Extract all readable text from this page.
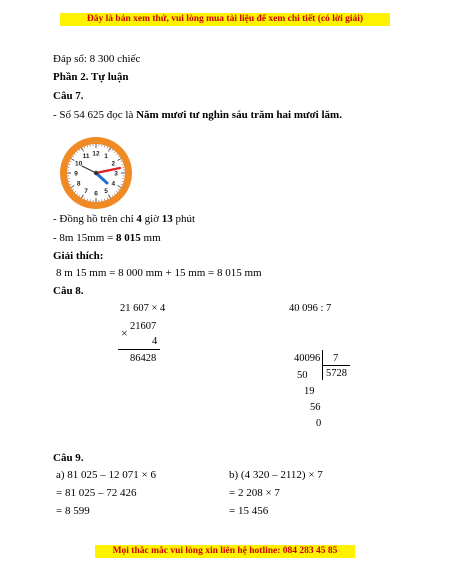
Đây là bản xem thử, vui lòng mua tài liệu để xem chi tiết (có lời giải)
Đáp số: 8 300 chiếc
Phần 2. Tự luận
Câu 7.
- Số 54 625 đọc là Năm mươi tư nghìn sáu trăm hai mươi lăm.
12 1
2
3
4
5
6
7
8
9
10
11
- Đồng hồ trên chỉ 4 giờ 13 phút
- 8m 15mm = 8 015 mm
Giải thích:
8 m 15 mm = 8 000 mm + 15 mm = 8 015 mm
Câu 8.
21 607 × 4
21607
×
4
86428
40 096 : 7
40096 7
5728
50
19
56
0
Câu 9.
a) 81 025 – 12 071 × 6
= 81 025 – 72 426
= 8 599
b) (4 320 – 2112) × 7
= 2 208 × 7
= 15 456
Mọi thắc mắc vui lòng xin liên hệ hotline: 084 283 45 85
